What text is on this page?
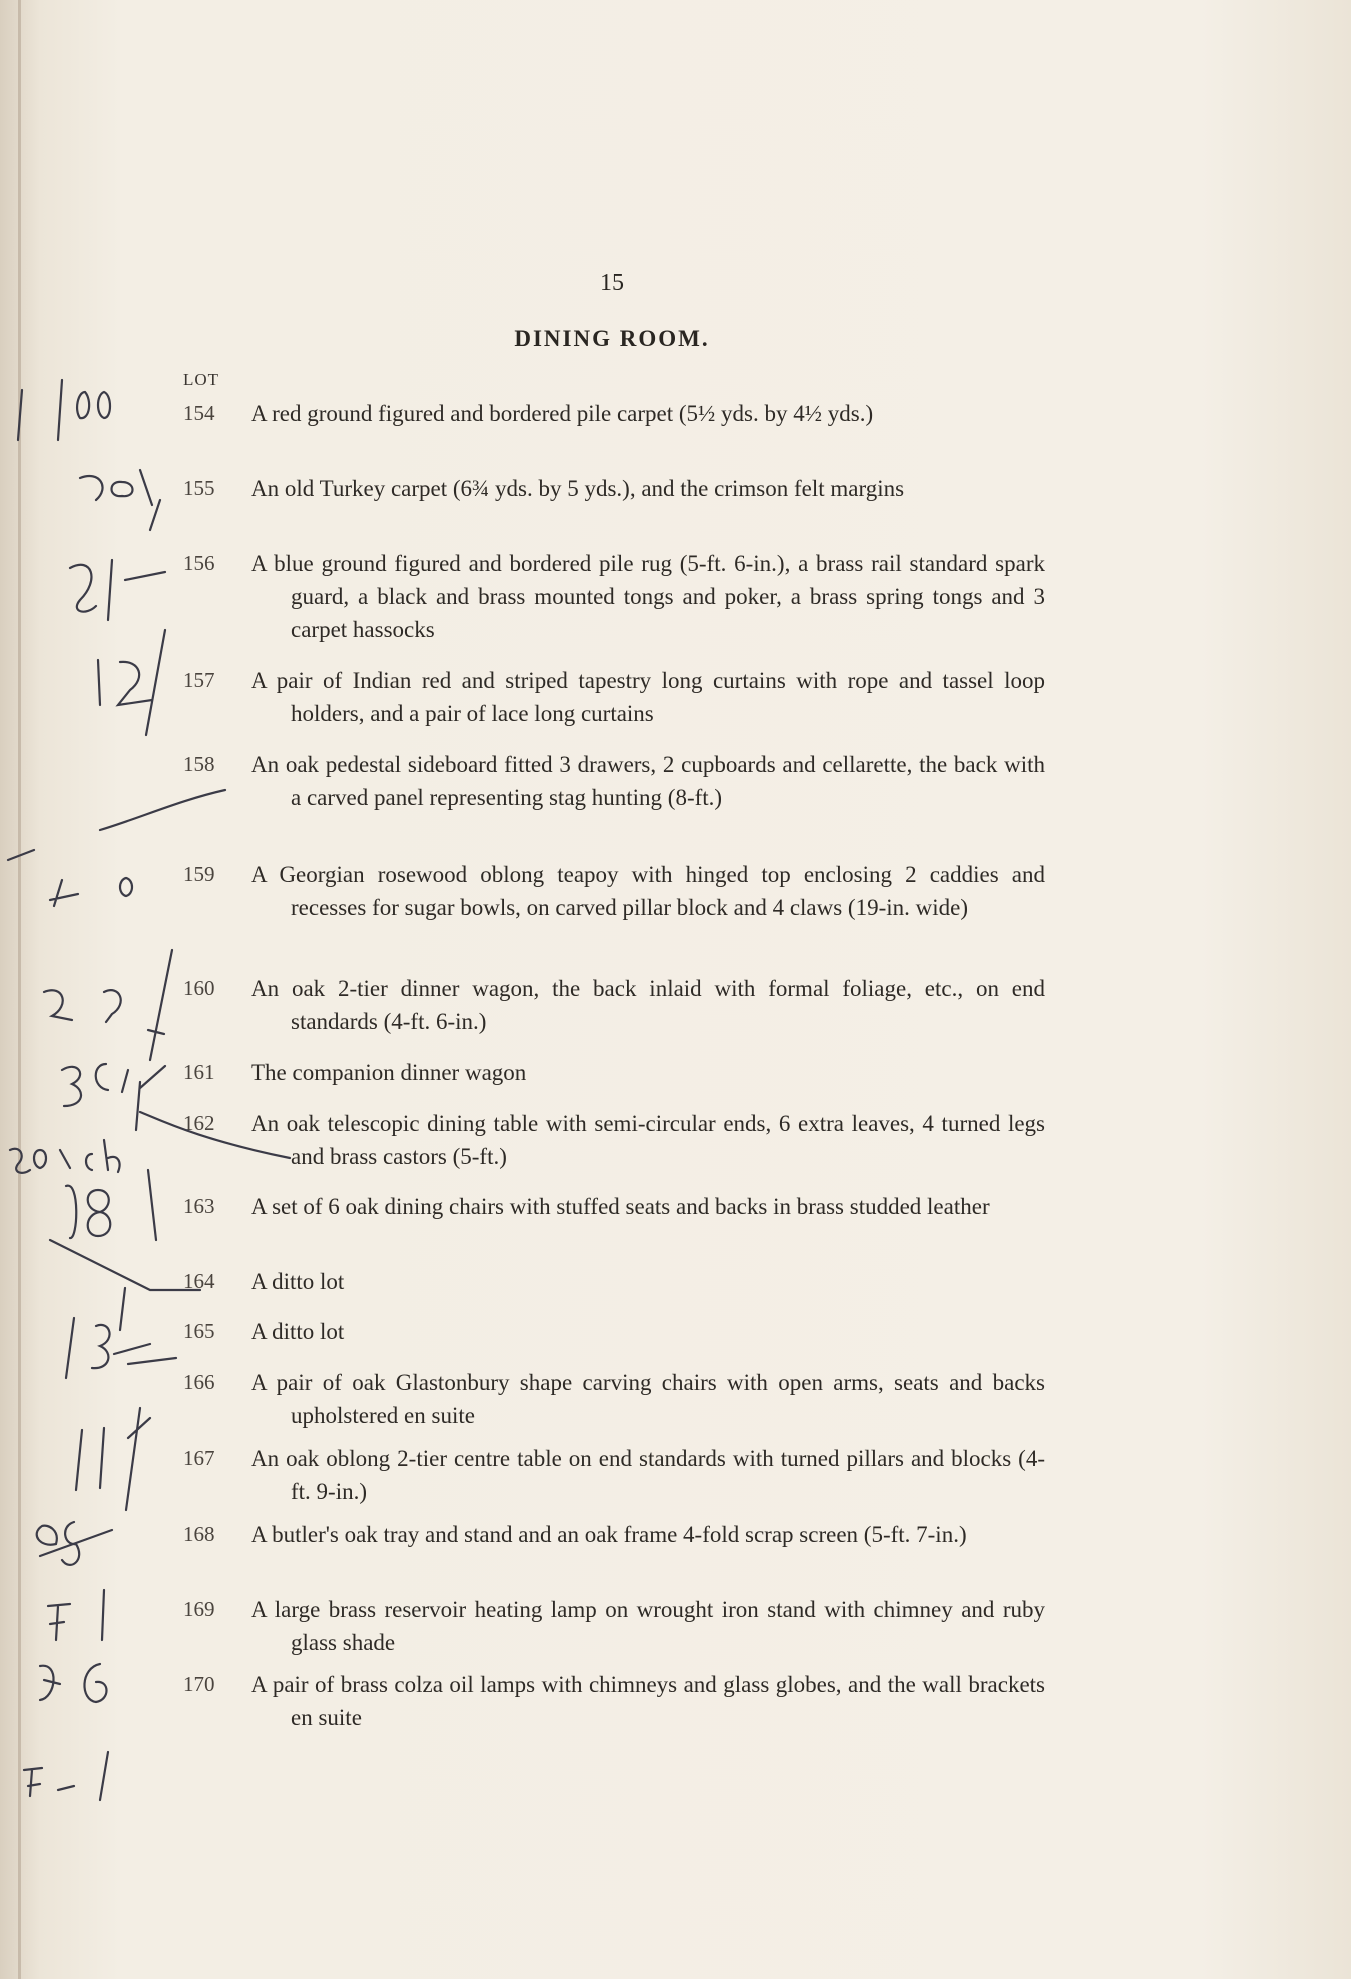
15
DINING ROOM.
LOT
154	A red ground figured and bordered pile carpet (5½ yds. by 4½ yds.)
155	An old Turkey carpet (6¾ yds. by 5 yds.), and the crimson felt margins
156	A blue ground figured and bordered pile rug (5-ft. 6-in.), a brass rail standard spark guard, a black and brass mounted tongs and poker, a brass spring tongs and 3 carpet hassocks
157	A pair of Indian red and striped tapestry long curtains with rope and tassel loop holders, and a pair of lace long curtains
158	An oak pedestal sideboard fitted 3 drawers, 2 cupboards and cellarette, the back with a carved panel representing stag hunting (8-ft.)
159	A Georgian rosewood oblong teapoy with hinged top enclosing 2 caddies and recesses for sugar bowls, on carved pillar block and 4 claws (19-in. wide)
160	An oak 2-tier dinner wagon, the back inlaid with formal foliage, etc., on end standards (4-ft. 6-in.)
161	The companion dinner wagon
162	An oak telescopic dining table with semi-circular ends, 6 extra leaves, 4 turned legs and brass castors (5-ft.)
163	A set of 6 oak dining chairs with stuffed seats and backs in brass studded leather
164	A ditto lot
165	A ditto lot
166	A pair of oak Glastonbury shape carving chairs with open arms, seats and backs upholstered en suite
167	An oak oblong 2-tier centre table on end standards with turned pillars and blocks (4-ft. 9-in.)
168	A butler's oak tray and stand and an oak frame 4-fold scrap screen (5-ft. 7-in.)
169	A large brass reservoir heating lamp on wrought iron stand with chimney and ruby glass shade
170	A pair of brass colza oil lamps with chimneys and glass globes, and the wall brackets en suite
